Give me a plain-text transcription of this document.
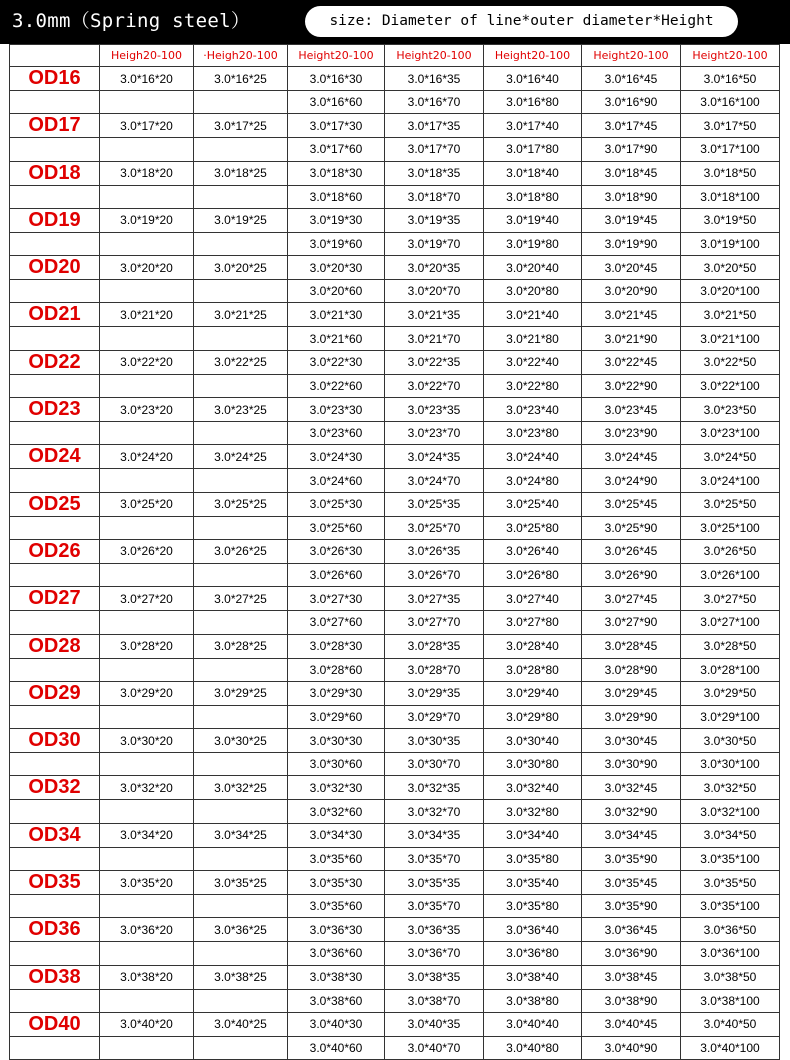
3.0mm（Spring steel）	size: Diameter of line*outer diameter*Height
	Heigh20-100	·Heigh20-100	Height20-100	Height20-100	Height20-100	Height20-100	Height20-100
OD16	3.0*16*20	3.0*16*25	3.0*16*30	3.0*16*35	3.0*16*40	3.0*16*45	3.0*16*50
			3.0*16*60	3.0*16*70	3.0*16*80	3.0*16*90	3.0*16*100
OD17	3.0*17*20	3.0*17*25	3.0*17*30	3.0*17*35	3.0*17*40	3.0*17*45	3.0*17*50
			3.0*17*60	3.0*17*70	3.0*17*80	3.0*17*90	3.0*17*100
OD18	3.0*18*20	3.0*18*25	3.0*18*30	3.0*18*35	3.0*18*40	3.0*18*45	3.0*18*50
			3.0*18*60	3.0*18*70	3.0*18*80	3.0*18*90	3.0*18*100
OD19	3.0*19*20	3.0*19*25	3.0*19*30	3.0*19*35	3.0*19*40	3.0*19*45	3.0*19*50
			3.0*19*60	3.0*19*70	3.0*19*80	3.0*19*90	3.0*19*100
OD20	3.0*20*20	3.0*20*25	3.0*20*30	3.0*20*35	3.0*20*40	3.0*20*45	3.0*20*50
			3.0*20*60	3.0*20*70	3.0*20*80	3.0*20*90	3.0*20*100
OD21	3.0*21*20	3.0*21*25	3.0*21*30	3.0*21*35	3.0*21*40	3.0*21*45	3.0*21*50
			3.0*21*60	3.0*21*70	3.0*21*80	3.0*21*90	3.0*21*100
OD22	3.0*22*20	3.0*22*25	3.0*22*30	3.0*22*35	3.0*22*40	3.0*22*45	3.0*22*50
			3.0*22*60	3.0*22*70	3.0*22*80	3.0*22*90	3.0*22*100
OD23	3.0*23*20	3.0*23*25	3.0*23*30	3.0*23*35	3.0*23*40	3.0*23*45	3.0*23*50
			3.0*23*60	3.0*23*70	3.0*23*80	3.0*23*90	3.0*23*100
OD24	3.0*24*20	3.0*24*25	3.0*24*30	3.0*24*35	3.0*24*40	3.0*24*45	3.0*24*50
			3.0*24*60	3.0*24*70	3.0*24*80	3.0*24*90	3.0*24*100
OD25	3.0*25*20	3.0*25*25	3.0*25*30	3.0*25*35	3.0*25*40	3.0*25*45	3.0*25*50
			3.0*25*60	3.0*25*70	3.0*25*80	3.0*25*90	3.0*25*100
OD26	3.0*26*20	3.0*26*25	3.0*26*30	3.0*26*35	3.0*26*40	3.0*26*45	3.0*26*50
			3.0*26*60	3.0*26*70	3.0*26*80	3.0*26*90	3.0*26*100
OD27	3.0*27*20	3.0*27*25	3.0*27*30	3.0*27*35	3.0*27*40	3.0*27*45	3.0*27*50
			3.0*27*60	3.0*27*70	3.0*27*80	3.0*27*90	3.0*27*100
OD28	3.0*28*20	3.0*28*25	3.0*28*30	3.0*28*35	3.0*28*40	3.0*28*45	3.0*28*50
			3.0*28*60	3.0*28*70	3.0*28*80	3.0*28*90	3.0*28*100
OD29	3.0*29*20	3.0*29*25	3.0*29*30	3.0*29*35	3.0*29*40	3.0*29*45	3.0*29*50
			3.0*29*60	3.0*29*70	3.0*29*80	3.0*29*90	3.0*29*100
OD30	3.0*30*20	3.0*30*25	3.0*30*30	3.0*30*35	3.0*30*40	3.0*30*45	3.0*30*50
			3.0*30*60	3.0*30*70	3.0*30*80	3.0*30*90	3.0*30*100
OD32	3.0*32*20	3.0*32*25	3.0*32*30	3.0*32*35	3.0*32*40	3.0*32*45	3.0*32*50
			3.0*32*60	3.0*32*70	3.0*32*80	3.0*32*90	3.0*32*100
OD34	3.0*34*20	3.0*34*25	3.0*34*30	3.0*34*35	3.0*34*40	3.0*34*45	3.0*34*50
			3.0*35*60	3.0*35*70	3.0*35*80	3.0*35*90	3.0*35*100
OD35	3.0*35*20	3.0*35*25	3.0*35*30	3.0*35*35	3.0*35*40	3.0*35*45	3.0*35*50
			3.0*35*60	3.0*35*70	3.0*35*80	3.0*35*90	3.0*35*100
OD36	3.0*36*20	3.0*36*25	3.0*36*30	3.0*36*35	3.0*36*40	3.0*36*45	3.0*36*50
			3.0*36*60	3.0*36*70	3.0*36*80	3.0*36*90	3.0*36*100
OD38	3.0*38*20	3.0*38*25	3.0*38*30	3.0*38*35	3.0*38*40	3.0*38*45	3.0*38*50
			3.0*38*60	3.0*38*70	3.0*38*80	3.0*38*90	3.0*38*100
OD40	3.0*40*20	3.0*40*25	3.0*40*30	3.0*40*35	3.0*40*40	3.0*40*45	3.0*40*50
			3.0*40*60	3.0*40*70	3.0*40*80	3.0*40*90	3.0*40*100
